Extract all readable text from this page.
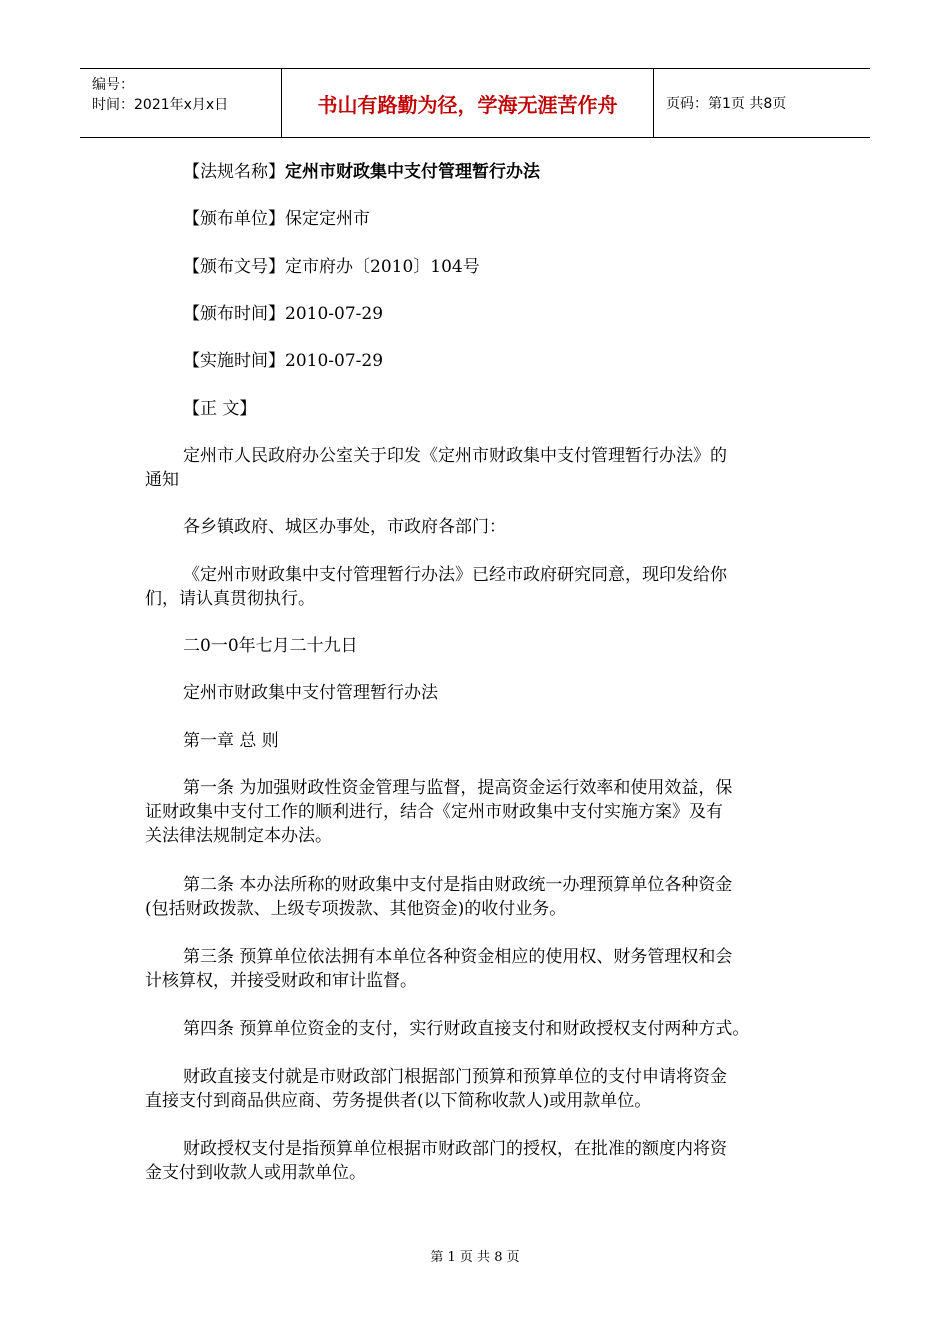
编号：
时间：2021年x月x日	书山有路勤为径，学海无涯苦作舟	页码：第1页 共8页
【法规名称】定州市财政集中支付管理暂行办法
【颁布单位】保定定州市
【颁布文号】定市府办〔2010〕104号
【颁布时间】2010-07-29
【实施时间】2010-07-29
【正 文】
定州市人民政府办公室关于印发《定州市财政集中支付管理暂行办法》的
通知
各乡镇政府、城区办事处，市政府各部门：
《定州市财政集中支付管理暂行办法》已经市政府研究同意，现印发给你
们，请认真贯彻执行。
二0一0年七月二十九日
定州市财政集中支付管理暂行办法
第一章 总 则
第一条 为加强财政性资金管理与监督，提高资金运行效率和使用效益，保
证财政集中支付工作的顺利进行，结合《定州市财政集中支付实施方案》及有
关法律法规制定本办法。
第二条 本办法所称的财政集中支付是指由财政统一办理预算单位各种资金
(包括财政拨款、上级专项拨款、其他资金)的收付业务。
第三条 预算单位依法拥有本单位各种资金相应的使用权、财务管理权和会
计核算权，并接受财政和审计监督。
第四条 预算单位资金的支付，实行财政直接支付和财政授权支付两种方式。
财政直接支付就是市财政部门根据部门预算和预算单位的支付申请将资金
直接支付到商品供应商、劳务提供者(以下简称收款人)或用款单位。
财政授权支付是指预算单位根据市财政部门的授权，在批准的额度内将资
金支付到收款人或用款单位。
第 1 页 共 8 页
